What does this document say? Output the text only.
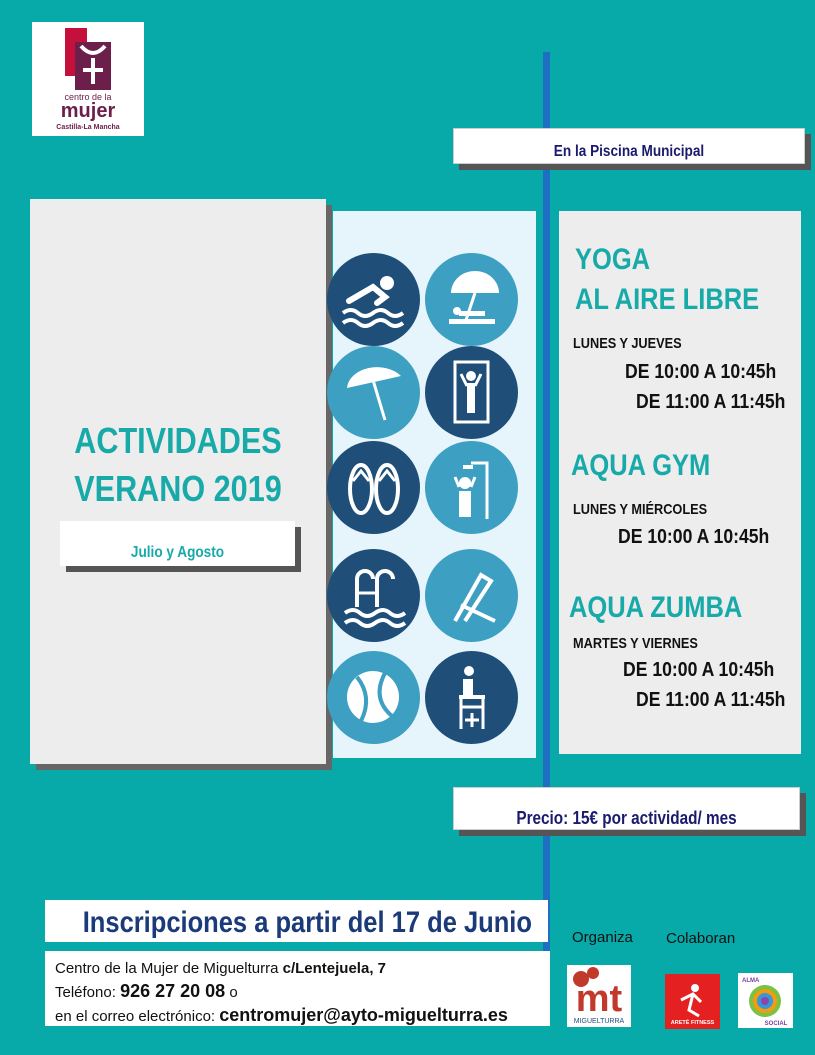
centro de la
mujer
Castilla-La Mancha
En la Piscina Municipal
ACTIVIDADES
VERANO 2019
Julio y Agosto
YOGA
AL AIRE LIBRE
LUNES Y JUEVES
DE 10:00 A 10:45h
DE 11:00 A 11:45h
AQUA GYM
LUNES Y MIÉRCOLES
DE 10:00 A 10:45h
AQUA ZUMBA
MARTES Y VIERNES
DE 10:00 A 10:45h
DE 11:00 A 11:45h
Precio: 15€ por actividad/ mes
Inscripciones a partir del 17 de Junio
Centro de la Mujer de Miguelturra c/Lentejuela, 7
Teléfono: 926 27 20 08 o
en el correo electrónico: centromujer@ayto-miguelturra.es
Organiza Colaboran
mt
MIGUELTURRA	ARETÉ FITNESS
ALMA
SOCIAL
